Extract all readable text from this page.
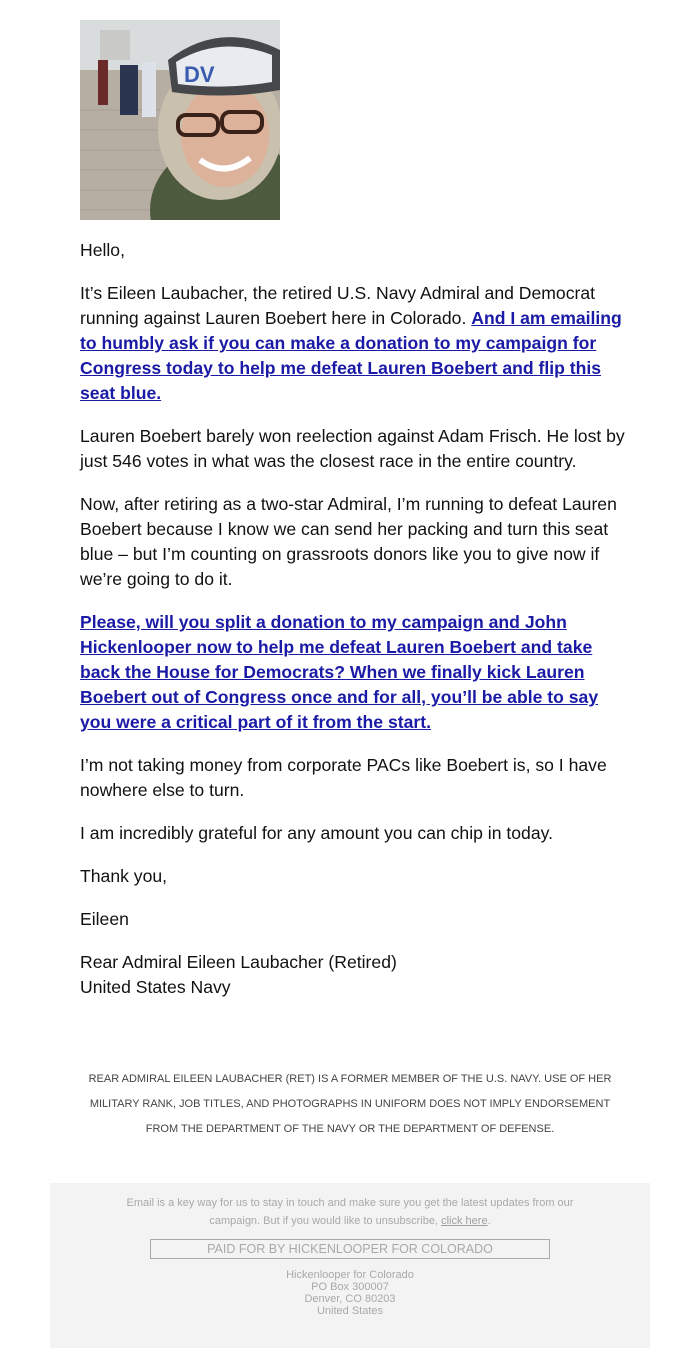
DV

Hello,

It’s Eileen Laubacher, the retired U.S. Navy Admiral and Democrat running against Lauren Boebert here in Colorado. And I am emailing to humbly ask if you can make a donation to my campaign for Congress today to help me defeat Lauren Boebert and flip this seat blue.

Lauren Boebert barely won reelection against Adam Frisch. He lost by just 546 votes in what was the closest race in the entire country.

Now, after retiring as a two-star Admiral, I’m running to defeat Lauren Boebert because I know we can send her packing and turn this seat blue – but I’m counting on grassroots donors like you to give now if we’re going to do it.

Please, will you split a donation to my campaign and John Hickenlooper now to help me defeat Lauren Boebert and take back the House for Democrats? When we finally kick Lauren Boebert out of Congress once and for all, you’ll be able to say you were a critical part of it from the start.

I’m not taking money from corporate PACs like Boebert is, so I have nowhere else to turn.

I am incredibly grateful for any amount you can chip in today.

Thank you,

Eileen

Rear Admiral Eileen Laubacher (Retired)

United States Navy

REAR ADMIRAL EILEEN LAUBACHER (RET) IS A FORMER MEMBER OF THE U.S. NAVY. USE OF HER MILITARY RANK, JOB TITLES, AND PHOTOGRAPHS IN UNIFORM DOES NOT IMPLY ENDORSEMENT FROM THE DEPARTMENT OF THE NAVY OR THE DEPARTMENT OF DEFENSE.
Email is a key way for us to stay in touch and make sure you get the latest updates from our campaign. But if you would like to unsubscribe, click here.
PAID FOR BY HICKENLOOPER FOR COLORADO
Hickenlooper for Colorado
PO Box 300007
Denver, CO 80203
United States
